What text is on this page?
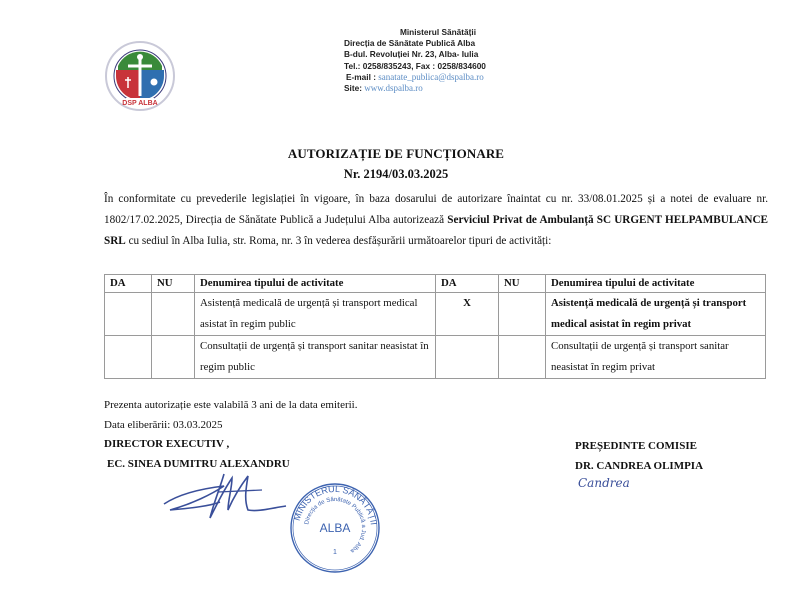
DSP ALBA
Ministerul Sănătății
Direcția de Sănătate Publică Alba
B-dul. Revoluției Nr. 23, Alba- Iulia
Tel.: 0258/835243, Fax : 0258/834600
E-mail : sanatate_publica@dspalba.ro
Site: www.dspalba.ro
AUTORIZAȚIE DE FUNCȚIONARE
Nr. 2194/03.03.2025
În conformitate cu prevederile legislației în vigoare, în baza dosarului de autorizare înaintat cu nr. 33/08.01.2025 și a notei de evaluare nr. 1802/17.02.2025, Direcția de Sănătate Publică a Județului Alba autorizează Serviciul Privat de Ambulanță SC URGENT HELPAMBULANCE SRL cu sediul în Alba Iulia, str. Roma, nr. 3 în vederea desfășurării următoarelor tipuri de activități:
DA	NU	Denumirea tipului de activitate	DA	NU	Denumirea tipului de activitate
		Asistență medicală de urgență și transport medical asistat în regim public	X		Asistență medicală de urgență și transport medical asistat în regim privat
		Consultații de urgență și transport sanitar neasistat în regim public			Consultații de urgență și transport sanitar neasistat în regim privat
Prezenta autorizație este valabilă 3 ani de la data emiterii.
Data eliberării: 03.03.2025
DIRECTOR EXECUTIV ,
EC. SINEA DUMITRU ALEXANDRU
PREȘEDINTE COMISIE
DR. CANDREA OLIMPIA
Candrea
MINISTERUL SĂNĂTĂȚII
Direcția de Sănătate Publică a Jud. Alba
ALBA
1
